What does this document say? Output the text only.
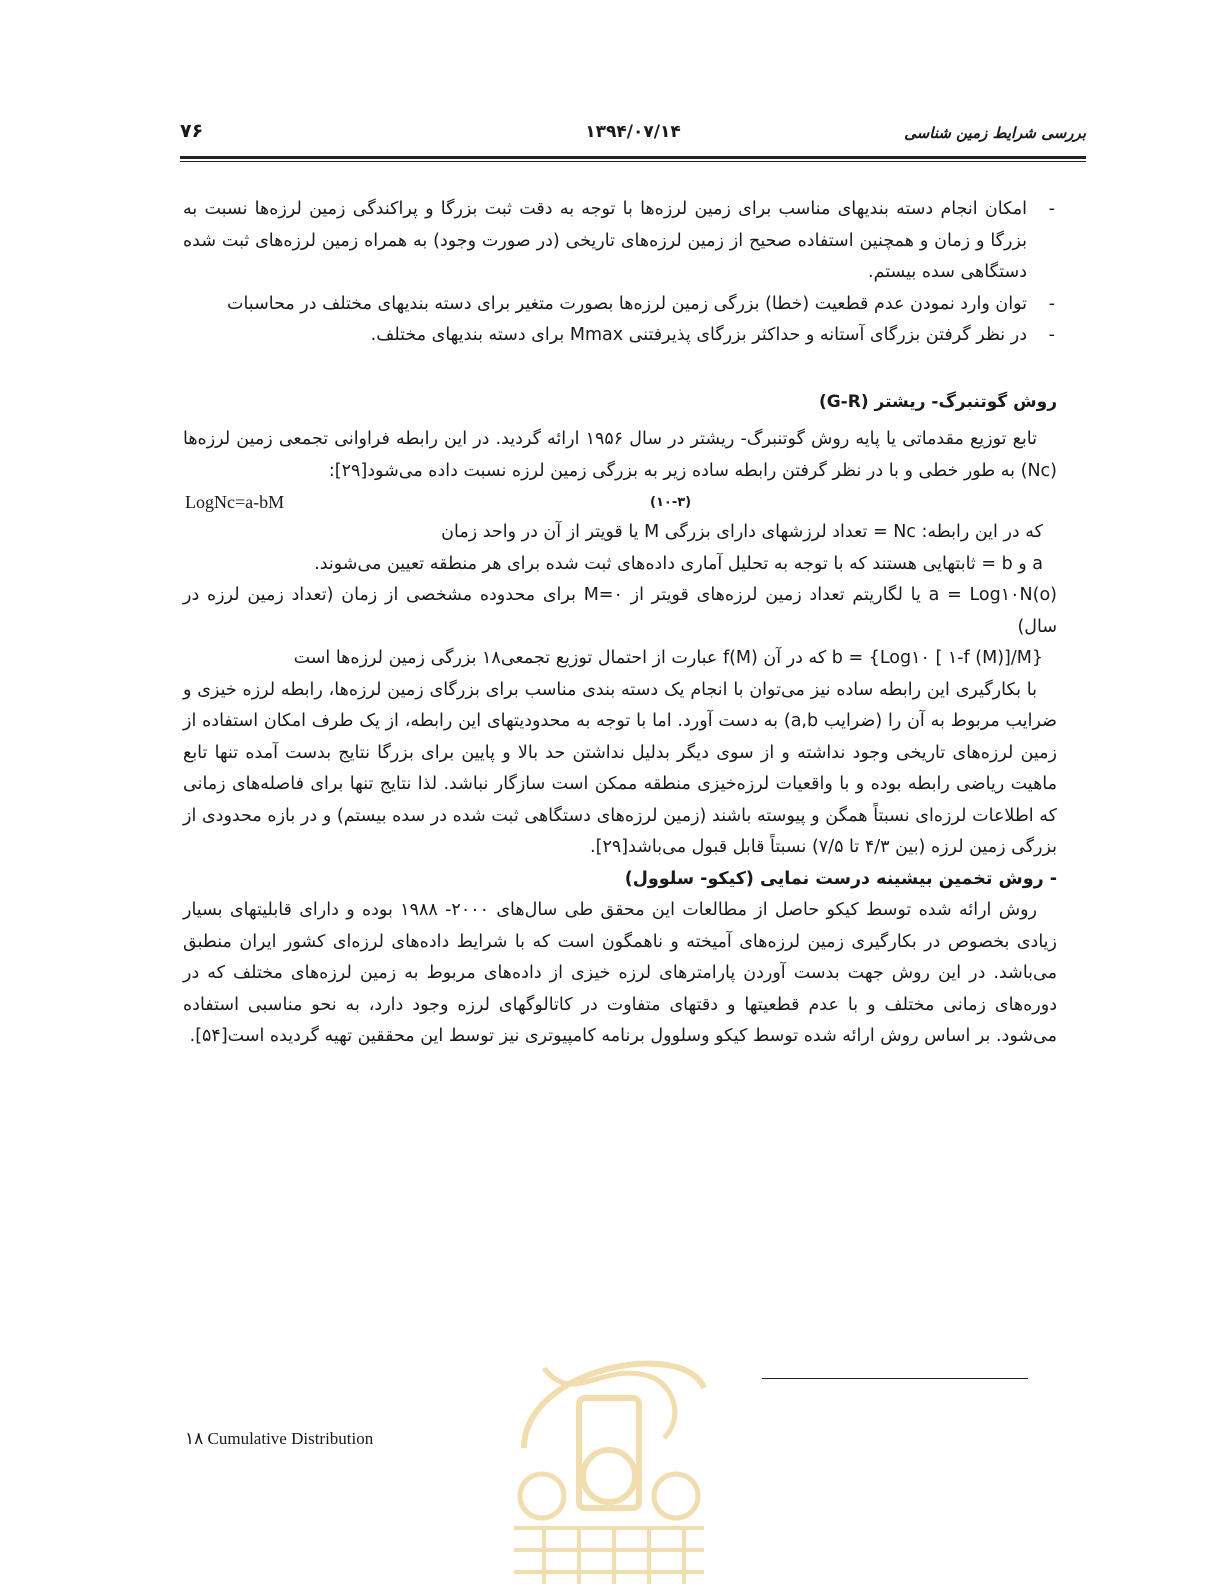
بررسی شرایط زمین شناسی
۱۳۹۴/۰۷/۱۴
۷۶
-
امکان انجام دسته بندیهای مناسب برای زمین لرزه‌ها با توجه به دقت ثبت بزرگا و پراکندگی زمین لرزه‌ها نسبت به بزرگا و زمان و همچنین استفاده صحیح از زمین لرزه‌های تاریخی (در صورت وجود) به همراه زمین لرزه‌های ثبت شده دستگاهی سده بیستم.
-
توان وارد نمودن عدم قطعیت (خطا) بزرگی زمین لرزه‌ها بصورت متغیر برای دسته بندیهای مختلف در محاسبات
-
در نظر گرفتن بزرگای آستانه و حداکثر بزرگای پذیرفتنی Mmax برای دسته بندیهای مختلف.

روش گوتنبرگ- ریشتر (G-R)

تابع توزیع مقدماتی یا پایه روش گوتنبرگ- ریشتر در سال ۱۹۵۶ ارائه گردید. در این رابطه فراوانی تجمعی زمین لرزه‌ها (Nc) به طور خطی و با در نظر گرفتن رابطه ساده زیر به بزرگی زمین لرزه نسبت داده می‌شود[۲۹]:

LogNc=a-bM	(۱۰-۳)

که در این رابطه: Nc = تعداد لرزشهای دارای بزرگی M یا قویتر از آن در واحد زمان

a و b = ثابتهایی هستند که با توجه به تحلیل آماری داده‌های ثبت شده برای هر منطقه تعیین می‌شوند.

a = Log۱۰N(o) یا لگاریتم تعداد زمین لرزه‌های قویتر از M=۰ برای محدوده مشخصی از زمان (تعداد زمین لرزه در سال)

b = {Log۱۰ [ ۱-f (M)]/M} که در آن f(M) عبارت از احتمال توزیع تجمعی۱۸ بزرگی زمین لرزه‌ها است

با بکارگیری این رابطه ساده نیز می‌توان با انجام یک دسته بندی مناسب برای بزرگای زمین لرزه‌ها، رابطه لرزه خیزی و ضرایب مربوط به آن را (ضرایب a,b) به دست آورد. اما با توجه به محدودیتهای این رابطه، از یک طرف امکان استفاده از زمین لرزه‌های تاریخی وجود نداشته و از سوی دیگر بدلیل نداشتن حد بالا و پایین برای بزرگا نتایج بدست آمده تنها تابع ماهیت ریاضی رابطه بوده و با واقعیات لرزه‌خیزی منطقه ممکن است سازگار نباشد. لذا نتایج تنها برای فاصله‌های زمانی که اطلاعات لرزه‌ای نسبتاً همگن و پیوسته باشند (زمین لرزه‌های دستگاهی ثبت شده در سده بیستم) و در بازه محدودی از بزرگی زمین لرزه (بین ۴/۳ تا ۷/۵) نسبتاً قابل قبول می‌باشد[۲۹].

- روش تخمین بیشینه درست نمایی (کیکو- سلوول)

روش ارائه شده توسط کیکو حاصل از مطالعات این محقق طی سال‌های ۲۰۰۰- ۱۹۸۸ بوده و دارای قابلیتهای بسیار زیادی بخصوص در بکارگیری زمین لرزه‌های آمیخته و ناهمگون است که با شرایط داده‌های لرزه‌ای کشور ایران منطبق می‌باشد. در این روش جهت بدست آوردن پارامترهای لرزه خیزی از داده‌های مربوط به زمین لرزه‌های مختلف که در دوره‌های زمانی مختلف و با عدم قطعیتها و دقتهای متفاوت در کاتالوگهای لرزه وجود دارد، به نحو مناسبی استفاده می‌شود. بر اساس روش ارائه شده توسط کیکو وسلوول برنامه کامپیوتری نیز توسط این محققین تهیه گردیده است[۵۴].

۱۸ Cumulative Distribution
